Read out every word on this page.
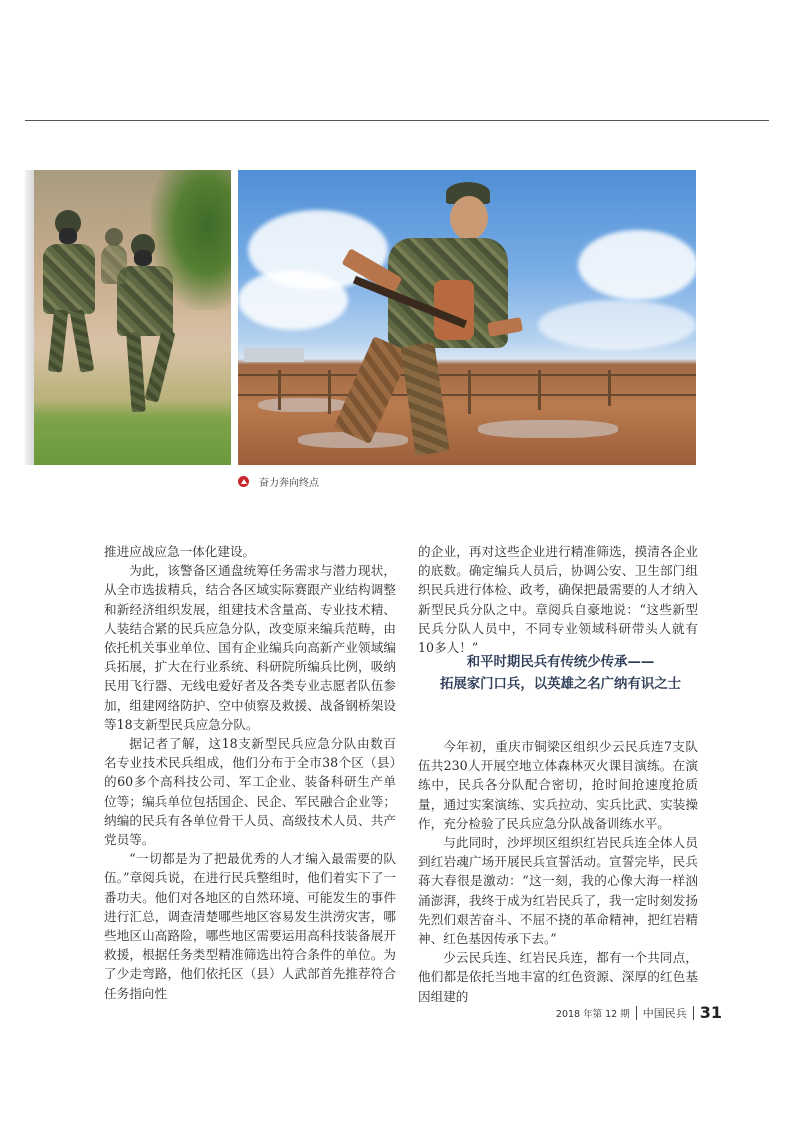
奋力奔向终点

推进应战应急一体化建设。

为此，该警备区通盘统筹任务需求与潜力现状，从全市选拔精兵，结合各区域实际赛跟产业结构调整和新经济组织发展，组建技术含量高、专业技术精、人装结合紧的民兵应急分队，改变原来编兵范畴，由依托机关事业单位、国有企业编兵向高新产业领域编兵拓展，扩大在行业系统、科研院所编兵比例，吸纳民用飞行器、无线电爱好者及各类专业志愿者队伍参加，组建网络防护、空中侦察及救援、战备钢桥架设等18支新型民兵应急分队。

据记者了解，这18支新型民兵应急分队由数百名专业技术民兵组成，他们分布于全市38个区（县）的60多个高科技公司、军工企业、装备科研生产单位等；编兵单位包括国企、民企、军民融合企业等；纳编的民兵有各单位骨干人员、高级技术人员、共产党员等。

“一切都是为了把最优秀的人才编入最需要的队伍。”章阅兵说，在进行民兵整组时，他们着实下了一番功夫。他们对各地区的自然环境、可能发生的事件进行汇总，调查清楚哪些地区容易发生洪涝灾害，哪些地区山高路险，哪些地区需要运用高科技装备展开救援，根据任务类型精准筛选出符合条件的单位。为了少走弯路，他们依托区（县）人武部首先推荐符合任务指向性

的企业，再对这些企业进行精准筛选，摸清各企业的底数。确定编兵人员后，协调公安、卫生部门组织民兵进行体检、政考，确保把最需要的人才纳入新型民兵分队之中。章阅兵自豪地说：“这些新型民兵分队人员中，不同专业领域科研带头人就有10多人！”

和平时期民兵有传统少传承——
拓展家门口兵，以英雄之名广纳有识之士

今年初，重庆市铜梁区组织少云民兵连7支队伍共230人开展空地立体森林灭火课目演练。在演练中，民兵各分队配合密切，抢时间抢速度抢质量，通过实案演练、实兵拉动、实兵比武、实装操作，充分检验了民兵应急分队战备训练水平。

与此同时，沙坪坝区组织红岩民兵连全体人员到红岩魂广场开展民兵宣誓活动。宣誓完毕，民兵蒋大春很是激动：“这一刻，我的心像大海一样汹涌澎湃，我终于成为红岩民兵了，我一定时刻发扬先烈们艰苦奋斗、不屈不挠的革命精神，把红岩精神、红色基因传承下去。”

少云民兵连、红岩民兵连，都有一个共同点，他们都是依托当地丰富的红色资源、深厚的红色基因组建的

2018 年第 12 期 中国民兵 31
